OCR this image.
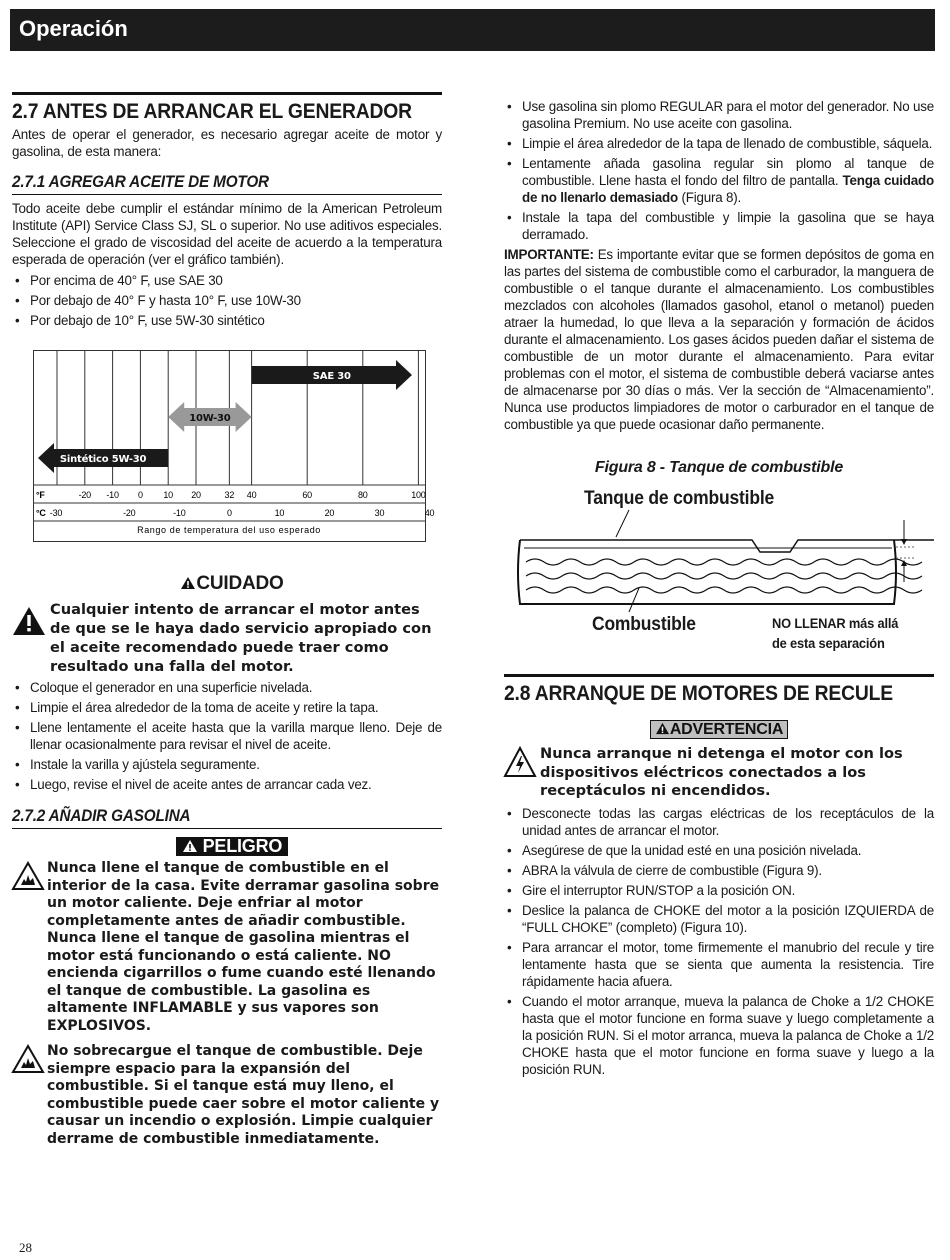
Operación
2.7 ANTES DE ARRANCAR EL GENERADOR

Antes de operar el generador, es necesario agregar aceite de motor y gasolina, de esta manera:

2.7.1 AGREGAR ACEITE DE MOTOR

Todo aceite debe cumplir el estándar mínimo de la American Petroleum Institute (API) Service Class SJ, SL o superior. No use aditivos especiales. Seleccione el grado de viscosidad del aceite de acuerdo a la temperatura esperada de operación (ver el gráfico también).

• Por encima de 40° F, use SAE 30
• Por debajo de 40° F y hasta 10° F, use 10W-30
• Por debajo de 10° F, use 5W-30 sintético
SAE 30
10W-30
Sintético 5W-30
°F	-20 -10 0 10 20	32 40	60	80	100
°C -30	-20	-10	0	10	20	30	40
Rango de temperatura del uso esperado
CUIDADO
Cualquier intento de arrancar el motor antes de que se le haya dado servicio apropiado con el aceite recomendado puede traer como resultado una falla del motor.
• Coloque el generador en una superficie nivelada.
• Limpie el área alrededor de la toma de aceite y retire la tapa.
• Llene lentamente el aceite hasta que la varilla marque lleno. Deje de llenar ocasionalmente para revisar el nivel de aceite.
• Instale la varilla y ajústela seguramente.
• Luego, revise el nivel de aceite antes de arrancar cada vez.
2.7.2 AÑADIR GASOLINA
PELIGRO
Nunca llene el tanque de combustible en el interior de la casa. Evite derramar gasolina sobre un motor caliente. Deje enfriar al motor completamente antes de añadir combustible. Nunca llene el tanque de gasolina mientras el motor está funcionando o está caliente. NO encienda cigarrillos o fume cuando esté llenando el tanque de combustible. La gasolina es altamente INFLAMABLE y sus vapores son EXPLOSIVOS.
No sobrecargue el tanque de combustible. Deje siempre espacio para la expansión del combustible. Si el tanque está muy lleno, el combustible puede caer sobre el motor caliente y causar un incendio o explosión. Limpie cualquier derrame de combustible inmediatamente.
• Use gasolina sin plomo REGULAR para el motor del generador. No use gasolina Premium. No use aceite con gasolina.
• Limpie el área alrededor de la tapa de llenado de combustible, sáquela.
• Lentamente añada gasolina regular sin plomo al tanque de combustible. Llene hasta el fondo del filtro de pantalla. Tenga cuidado de no llenarlo demasiado (Figura 8).
• Instale la tapa del combustible y limpie la gasolina que se haya derramado.

IMPORTANTE: Es importante evitar que se formen depósitos de goma en las partes del sistema de combustible como el carburador, la manguera de combustible o el tanque durante el almacenamiento. Los combustibles mezclados con alcoholes (llamados gasohol, etanol o metanol) pueden atraer la humedad, lo que lleva a la separación y formación de ácidos durante el almacenamiento. Los gases ácidos pueden dañar el sistema de combustible de un motor durante el almacenamiento. Para evitar problemas con el motor, el sistema de combustible deberá vaciarse antes de almacenarse por 30 días o más. Ver la sección de “Almacenamiento”. Nunca use productos limpiadores de motor o carburador en el tanque de combustible ya que puede ocasionar daño permanente.

Figura 8 - Tanque de combustible
Tanque de combustible
Combustible	NO LLENAR más allá
de esta separación
2.8 ARRANQUE DE MOTORES DE RECULE
ADVERTENCIA
Nunca arranque ni detenga el motor con los dispositivos eléctricos conectados a los receptáculos ni encendidos.
• Desconecte todas las cargas eléctricas de los receptáculos de la unidad antes de arrancar el motor.
• Asegúrese de que la unidad esté en una posición nivelada.
• ABRA la válvula de cierre de combustible (Figura 9).
• Gire el interruptor RUN/STOP a la posición ON.
• Deslice la palanca de CHOKE del motor a la posición IZQUIERDA de “FULL CHOKE” (completo) (Figura 10).
• Para arrancar el motor, tome firmemente el manubrio del recule y tire lentamente hasta que se sienta que aumenta la resistencia. Tire rápidamente hacia afuera.
• Cuando el motor arranque, mueva la palanca de Choke a 1/2 CHOKE hasta que el motor funcione en forma suave y luego completamente a la posición RUN. Si el motor arranca, mueva la palanca de Choke a 1/2 CHOKE hasta que el motor funcione en forma suave y luego a la posición RUN.
28
